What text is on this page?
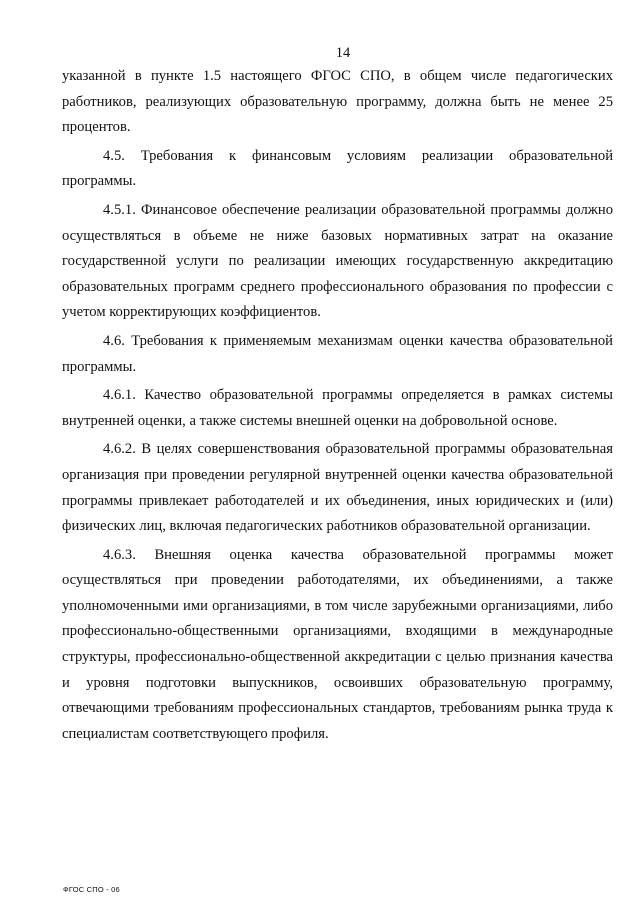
14

указанной в пункте 1.5 настоящего ФГОС СПО, в общем числе педагогических работников, реализующих образовательную программу, должна быть не менее 25 процентов.

4.5. Требования к финансовым условиям реализации образовательной программы.

4.5.1. Финансовое обеспечение реализации образовательной программы должно осуществляться в объеме не ниже базовых нормативных затрат на оказание государственной услуги по реализации имеющих государственную аккредитацию образовательных программ среднего профессионального образования по профессии с учетом корректирующих коэффициентов.

4.6. Требования к применяемым механизмам оценки качества образовательной программы.

4.6.1. Качество образовательной программы определяется в рамках системы внутренней оценки, а также системы внешней оценки на добровольной основе.

4.6.2. В целях совершенствования образовательной программы образовательная организация при проведении регулярной внутренней оценки качества образовательной программы привлекает работодателей и их объединения, иных юридических и (или) физических лиц, включая педагогических работников образовательной организации.

4.6.3. Внешняя оценка качества образовательной программы может осуществляться при проведении работодателями, их объединениями, а также уполномоченными ими организациями, в том числе зарубежными организациями, либо профессионально-общественными организациями, входящими в международные структуры, профессионально-общественной аккредитации с целью признания качества и уровня подготовки выпускников, освоивших образовательную программу, отвечающими требованиям профессиональных стандартов, требованиям рынка труда к специалистам соответствующего профиля.

ФГОС СПО - 06
